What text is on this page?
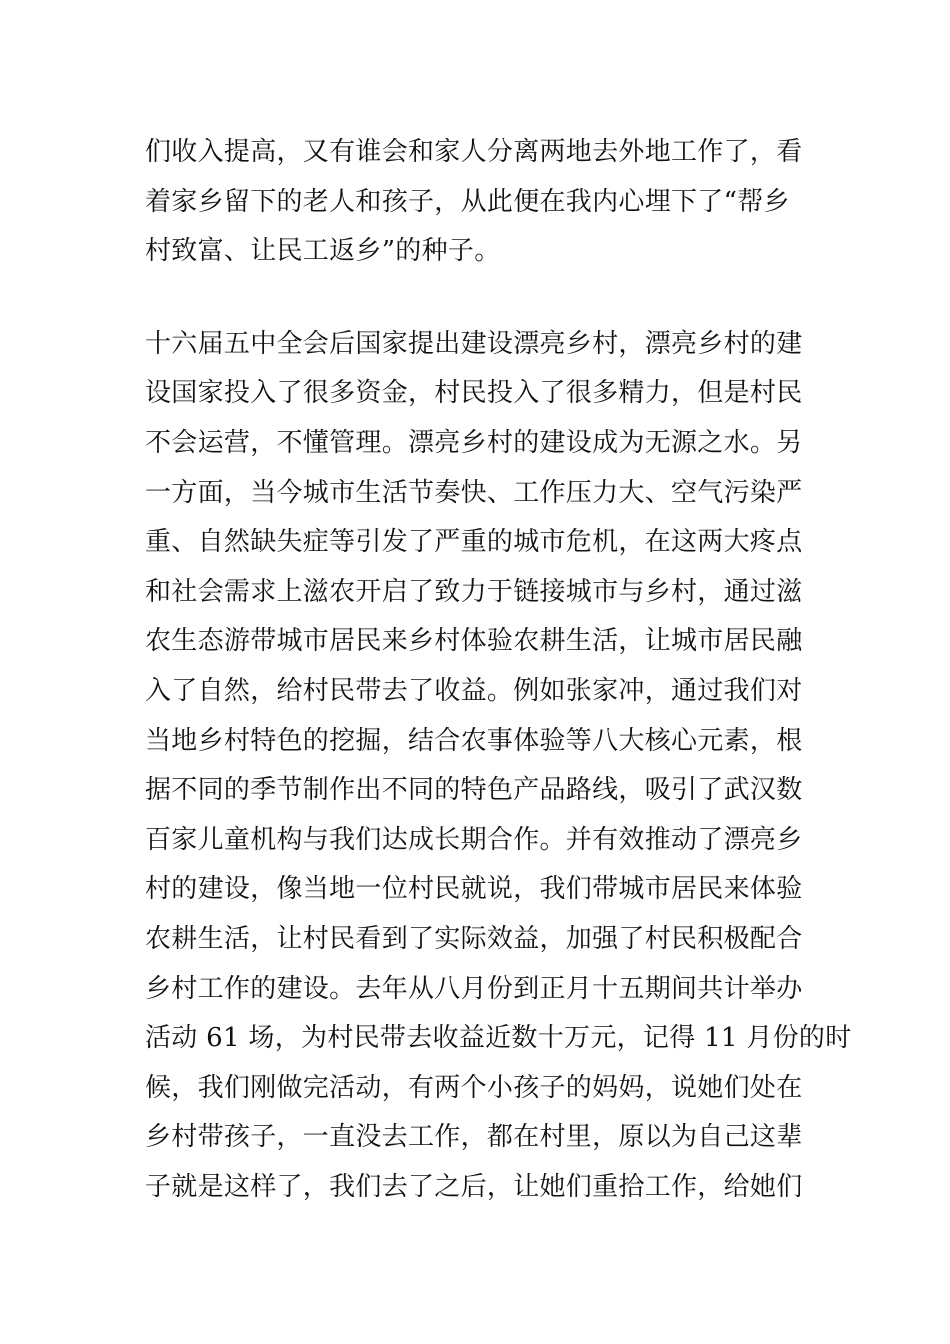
们收入提高，又有谁会和家人分离两地去外地工作了，看
着家乡留下的老人和孩子，从此便在我内心埋下了“帮乡
村致富、让民工返乡”的种子。
十六届五中全会后国家提出建设漂亮乡村，漂亮乡村的建
设国家投入了很多资金，村民投入了很多精力，但是村民
不会运营，不懂管理。漂亮乡村的建设成为无源之水。另
一方面，当今城市生活节奏快、工作压力大、空气污染严
重、自然缺失症等引发了严重的城市危机，在这两大疼点
和社会需求上滋农开启了致力于链接城市与乡村，通过滋
农生态游带城市居民来乡村体验农耕生活，让城市居民融
入了自然，给村民带去了收益。例如张家冲，通过我们对
当地乡村特色的挖掘，结合农事体验等八大核心元素，根
据不同的季节制作出不同的特色产品路线，吸引了武汉数
百家儿童机构与我们达成长期合作。并有效推动了漂亮乡
村的建设，像当地一位村民就说，我们带城市居民来体验
农耕生活，让村民看到了实际效益，加强了村民积极配合
乡村工作的建设。去年从八月份到正月十五期间共计举办
活动 61 场，为村民带去收益近数十万元，记得 11 月份的时
候，我们刚做完活动，有两个小孩子的妈妈，说她们处在
乡村带孩子，一直没去工作，都在村里，原以为自己这辈
子就是这样了，我们去了之后，让她们重拾工作，给她们
